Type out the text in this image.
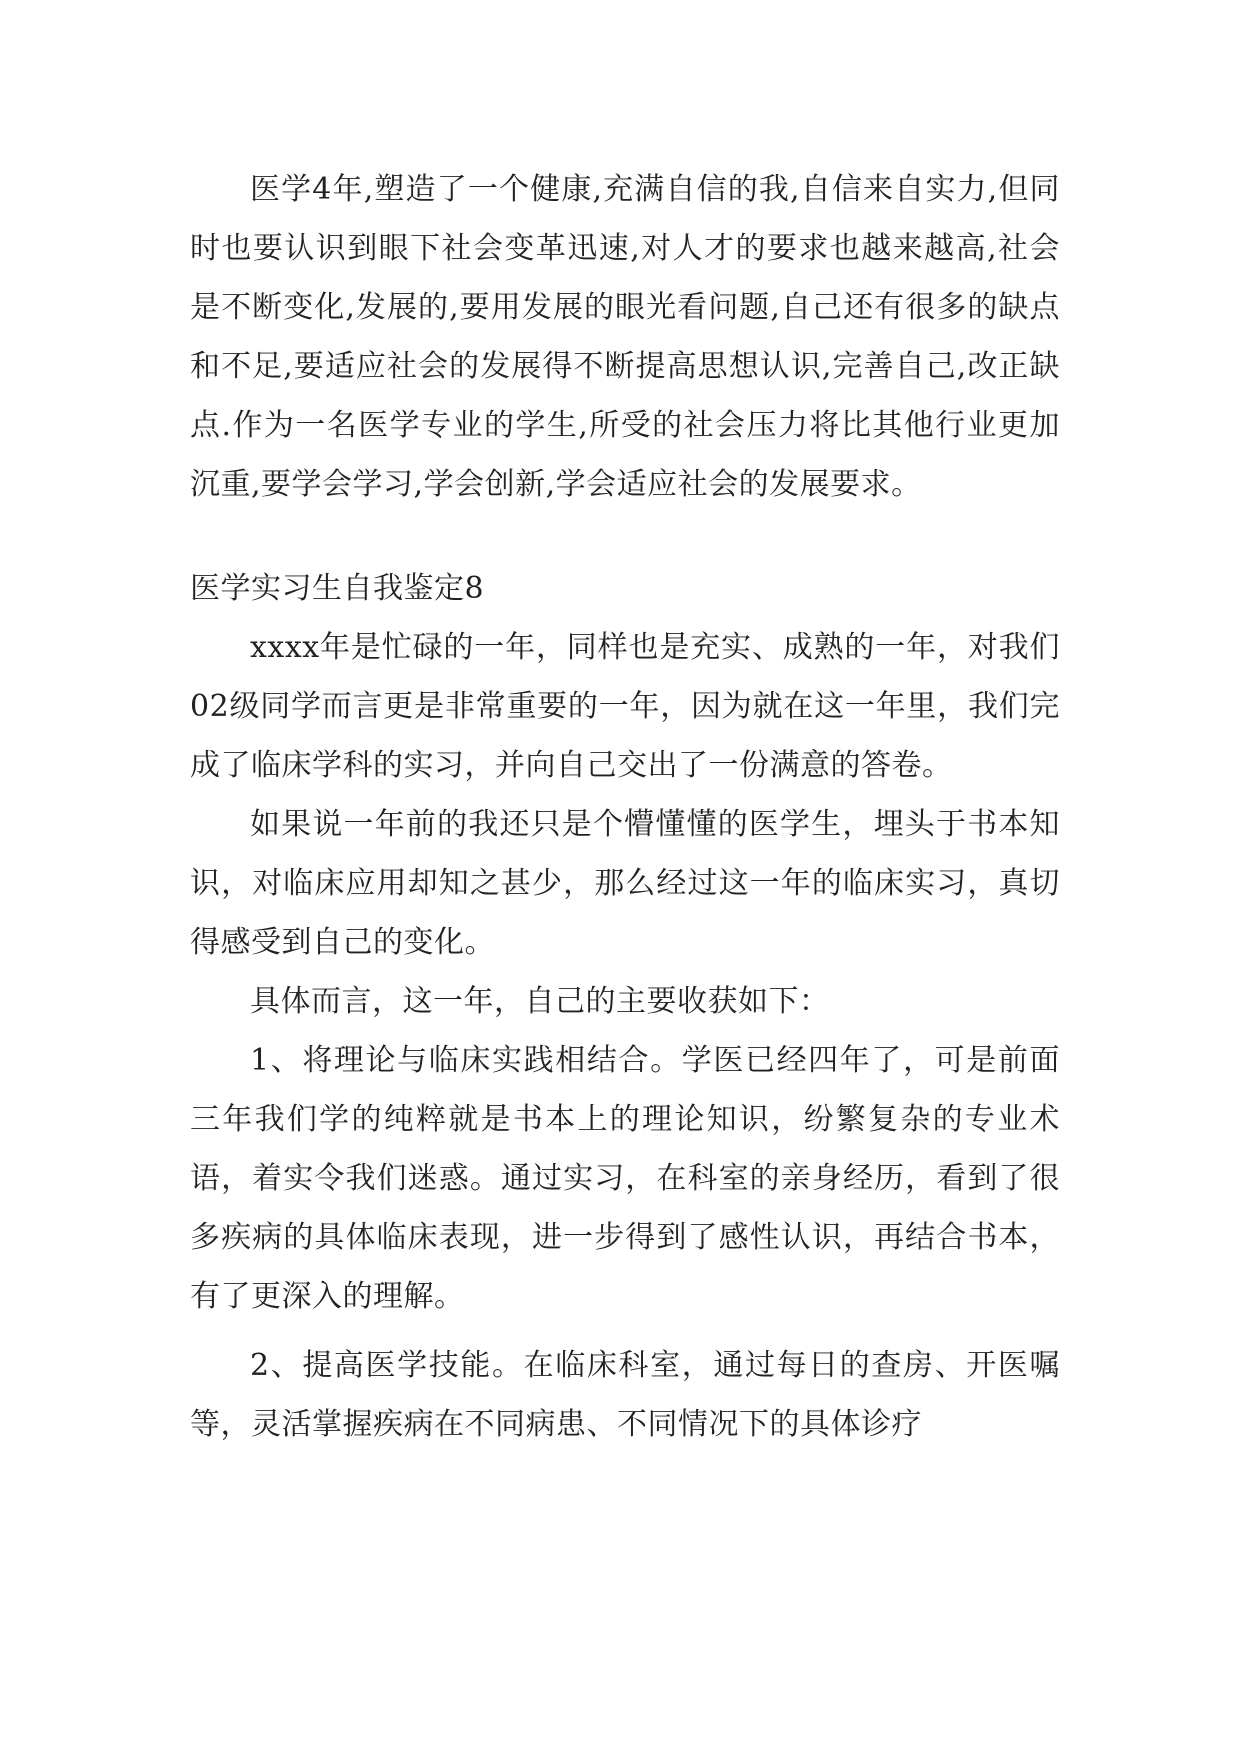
医学4年,塑造了一个健康,充满自信的我,自信来自实力,但同时也要认识到眼下社会变革迅速,对人才的要求也越来越高,社会是不断变化,发展的,要用发展的眼光看问题,自己还有很多的缺点和不足,要适应社会的发展得不断提高思想认识,完善自己,改正缺点.作为一名医学专业的学生,所受的社会压力将比其他行业更加沉重,要学会学习,学会创新,学会适应社会的发展要求。

医学实习生自我鉴定8

xxxx年是忙碌的一年，同样也是充实、成熟的一年，对我们02级同学而言更是非常重要的一年，因为就在这一年里，我们完成了临床学科的实习，并向自己交出了一份满意的答卷。

如果说一年前的我还只是个懵懂懂的医学生，埋头于书本知识，对临床应用却知之甚少，那么经过这一年的临床实习，真切得感受到自己的变化。

具体而言，这一年，自己的主要收获如下：

1、将理论与临床实践相结合。学医已经四年了，可是前面三年我们学的纯粹就是书本上的理论知识，纷繁复杂的专业术语，着实令我们迷惑。通过实习，在科室的亲身经历，看到了很多疾病的具体临床表现，进一步得到了感性认识，再结合书本，有了更深入的理解。

2、提高医学技能。在临床科室，通过每日的查房、开医嘱等，灵活掌握疾病在不同病患、不同情况下的具体诊疗
